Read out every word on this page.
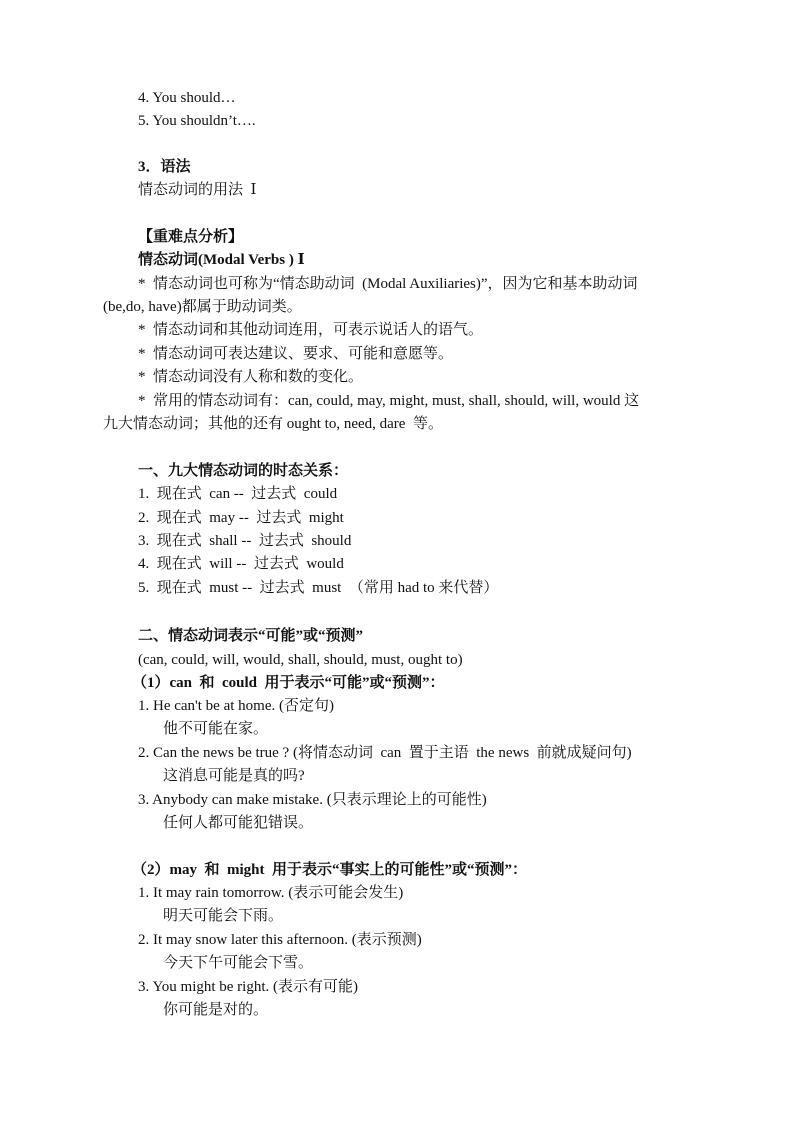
4. You should…
5. You shouldn’t….
3．语法
情态动词的用法  Ⅰ
【重难点分析】
情态动词(Modal Verbs ) Ⅰ
*  情态动词也可称为“情态助动词  (Modal Auxiliaries)”，因为它和基本助动词
(be,do, have)都属于助动词类。
*  情态动词和其他动词连用，可表示说话人的语气。
*  情态动词可表达建议、要求、可能和意愿等。
*  情态动词没有人称和数的变化。
*  常用的情态动词有：can, could, may, might, must, shall, should, will, would 这
九大情态动词；其他的还有 ought to, need, dare  等。
一、九大情态动词的时态关系：
1.  现在式  can --  过去式  could
2.  现在式  may --  过去式  might
3.  现在式  shall --  过去式  should
4.  现在式  will --  过去式  would
5.  现在式  must --  过去式  must  （常用 had to 来代替）
二、情态动词表示“可能”或“预测”
(can, could, will, would, shall, should, must, ought to)
（1）can  和  could  用于表示“可能”或“预测”：
1. He can't be at home. (否定句)
他不可能在家。
2. Can the news be true ? (将情态动词  can  置于主语  the news  前就成疑问句)
这消息可能是真的吗?
3. Anybody can make mistake. (只表示理论上的可能性)
任何人都可能犯错误。
（2）may  和  might  用于表示“事实上的可能性”或“预测”：
1. It may rain tomorrow. (表示可能会发生)
明天可能会下雨。
2. It may snow later this afternoon. (表示预测)
今天下午可能会下雪。
3. You might be right. (表示有可能)
你可能是对的。
